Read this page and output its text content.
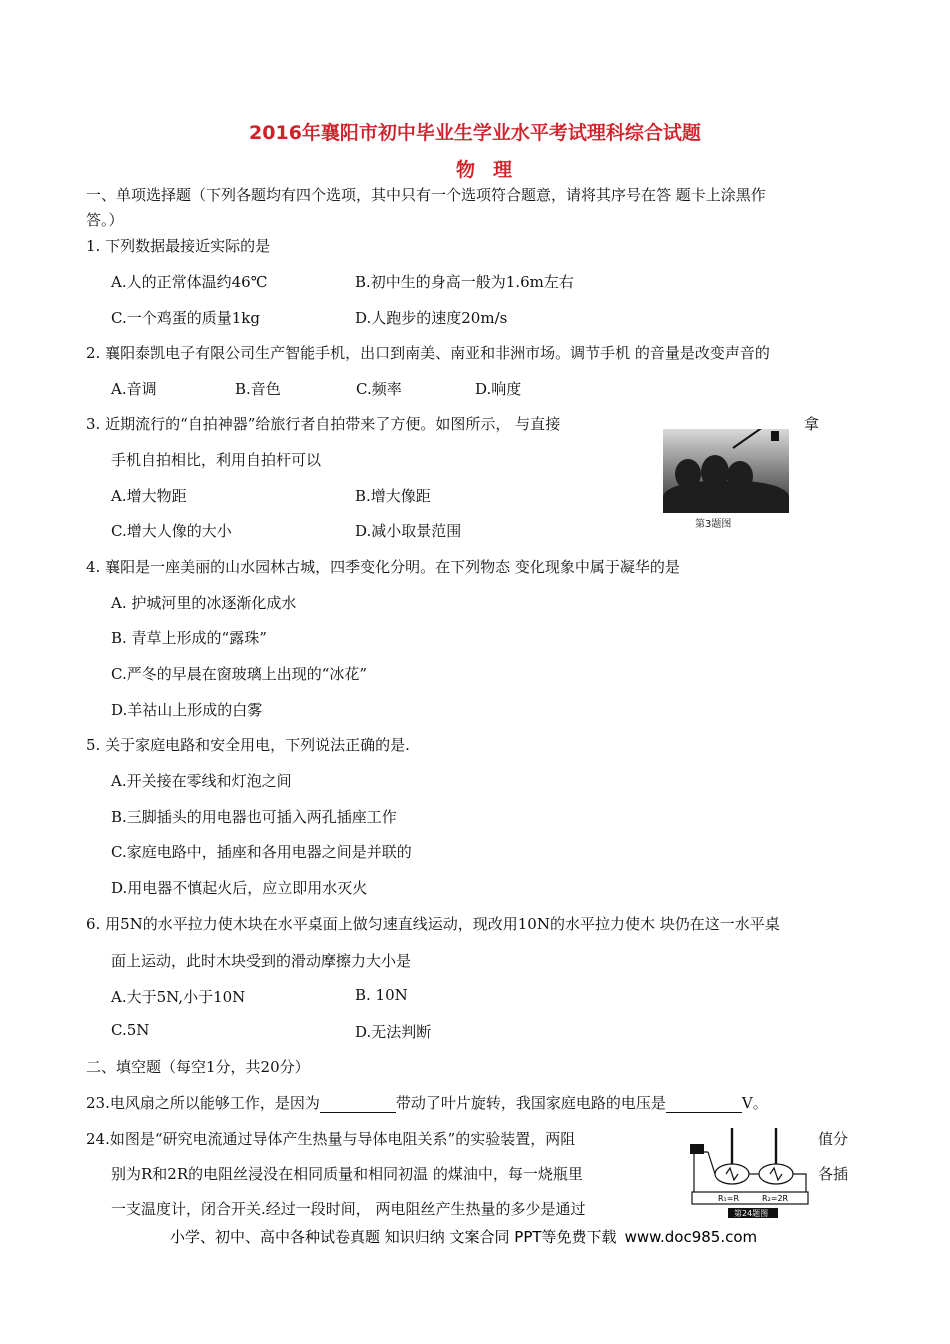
2016年襄阳市初中毕业生学业水平考试理科综合试题
物理
一、单项选择题（下列各题均有四个选项，其中只有一个选项符合题意，请将其序号在答 题卡上涂黑作
答。）
1. 下列数据最接近实际的是
A.人的正常体温约46℃	B.初中生的身高一般为1.6m左右
C.一个鸡蛋的质量1kg	D.人跑步的速度20m/s
2. 襄阳泰凯电子有限公司生产智能手机，出口到南美、南亚和非洲市场。调节手机 的音量是改变声音的
A.音调	B.音色	C.频率	D.响度
3. 近期流行的“自拍神器”给旅行者自拍带来了方便。如图所示， 与直接	拿
手机自拍相比，利用自拍杆可以
A.增大物距	B.增大像距
C.增大人像的大小	D.减小取景范围	第3题图
4. 襄阳是一座美丽的山水园林古城，四季变化分明。在下列物态 变化现象中属于凝华的是
A. 护城河里的冰逐渐化成水
B. 青草上形成的“露珠”
C.严冬的早晨在窗玻璃上出现的“冰花”
D.羊祜山上形成的白雾
5. 关于家庭电路和安全用电，下列说法正确的是.
A.开关接在零线和灯泡之间
B.三脚插头的用电器也可插入两孔插座工作
C.家庭电路中，插座和各用电器之间是并联的
D.用电器不慎起火后，应立即用水灭火
6. 用5N的水平拉力使木块在水平桌面上做匀速直线运动，现改用10N的水平拉力使木 块仍在这一水平桌
面上运动，此时木块受到的滑动摩擦力大小是
A.大于5N,小于10N	B. 10N
C.5N	D.无法判断
二、填空题（每空1分，共20分）
23.电风扇之所以能够工作，是因为	带动了叶片旋转，我国家庭电路的电压是	V。
24.如图是“研究电流通过导体产生热量与导体电阻关系”的实验装置，两阻	值分
别为R和2R的电阻丝浸没在相同质量和相同初温 的煤油中，每一烧瓶里	各插
一支温度计，闭合开关.经过一段时间， 两电阻丝产生热量的多少是通过
R₁=R	R₂=2R
第24题图
小学、初中、高中各种试卷真题 知识归纳 文案合同 PPT等免费下载 www.doc985.com
